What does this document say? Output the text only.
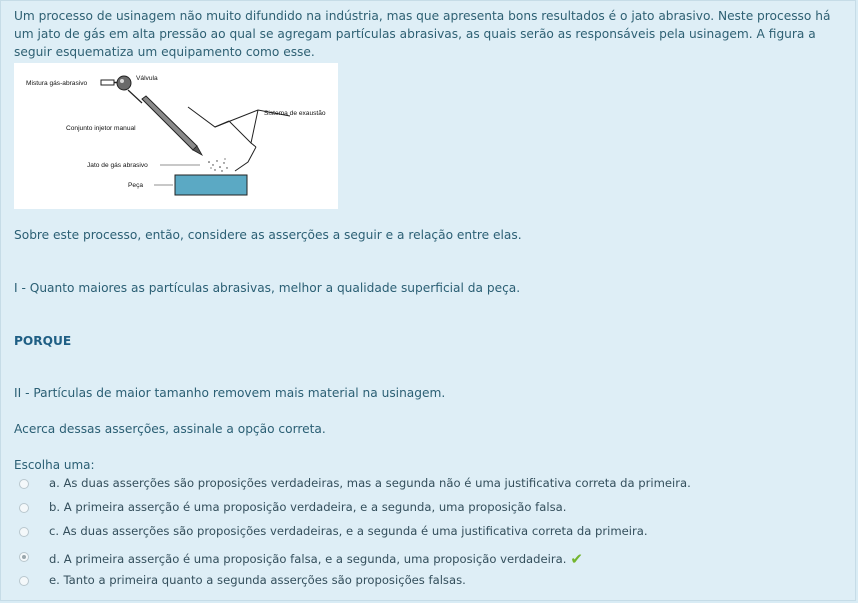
Um processo de usinagem não muito difundido na indústria, mas que apresenta bons resultados é o jato abrasivo. Neste processo há um jato de gás em alta pressão ao qual se agregam partículas abrasivas, as quais serão as responsáveis pela usinagem. A figura a seguir esquematiza um equipamento como esse.

Mistura gás-abrasivo
Válvula
Sistema de exaustão
Conjunto injetor manual
Jato de gás abrasivo
Peça

Sobre este processo, então, considere as asserções a seguir e a relação entre elas.

I - Quanto maiores as partículas abrasivas, melhor a qualidade superficial da peça.

PORQUE

II - Partículas de maior tamanho removem mais material na usinagem.

Acerca dessas asserções, assinale a opção correta.

Escolha uma:

a. As duas asserções são proposições verdadeiras, mas a segunda não é uma justificativa correta da primeira.
b. A primeira asserção é uma proposição verdadeira, e a segunda, uma proposição falsa.
c. As duas asserções são proposições verdadeiras, e a segunda é uma justificativa correta da primeira.
d. A primeira asserção é uma proposição falsa, e a segunda, uma proposição verdadeira. ✔
e. Tanto a primeira quanto a segunda asserções são proposições falsas.
